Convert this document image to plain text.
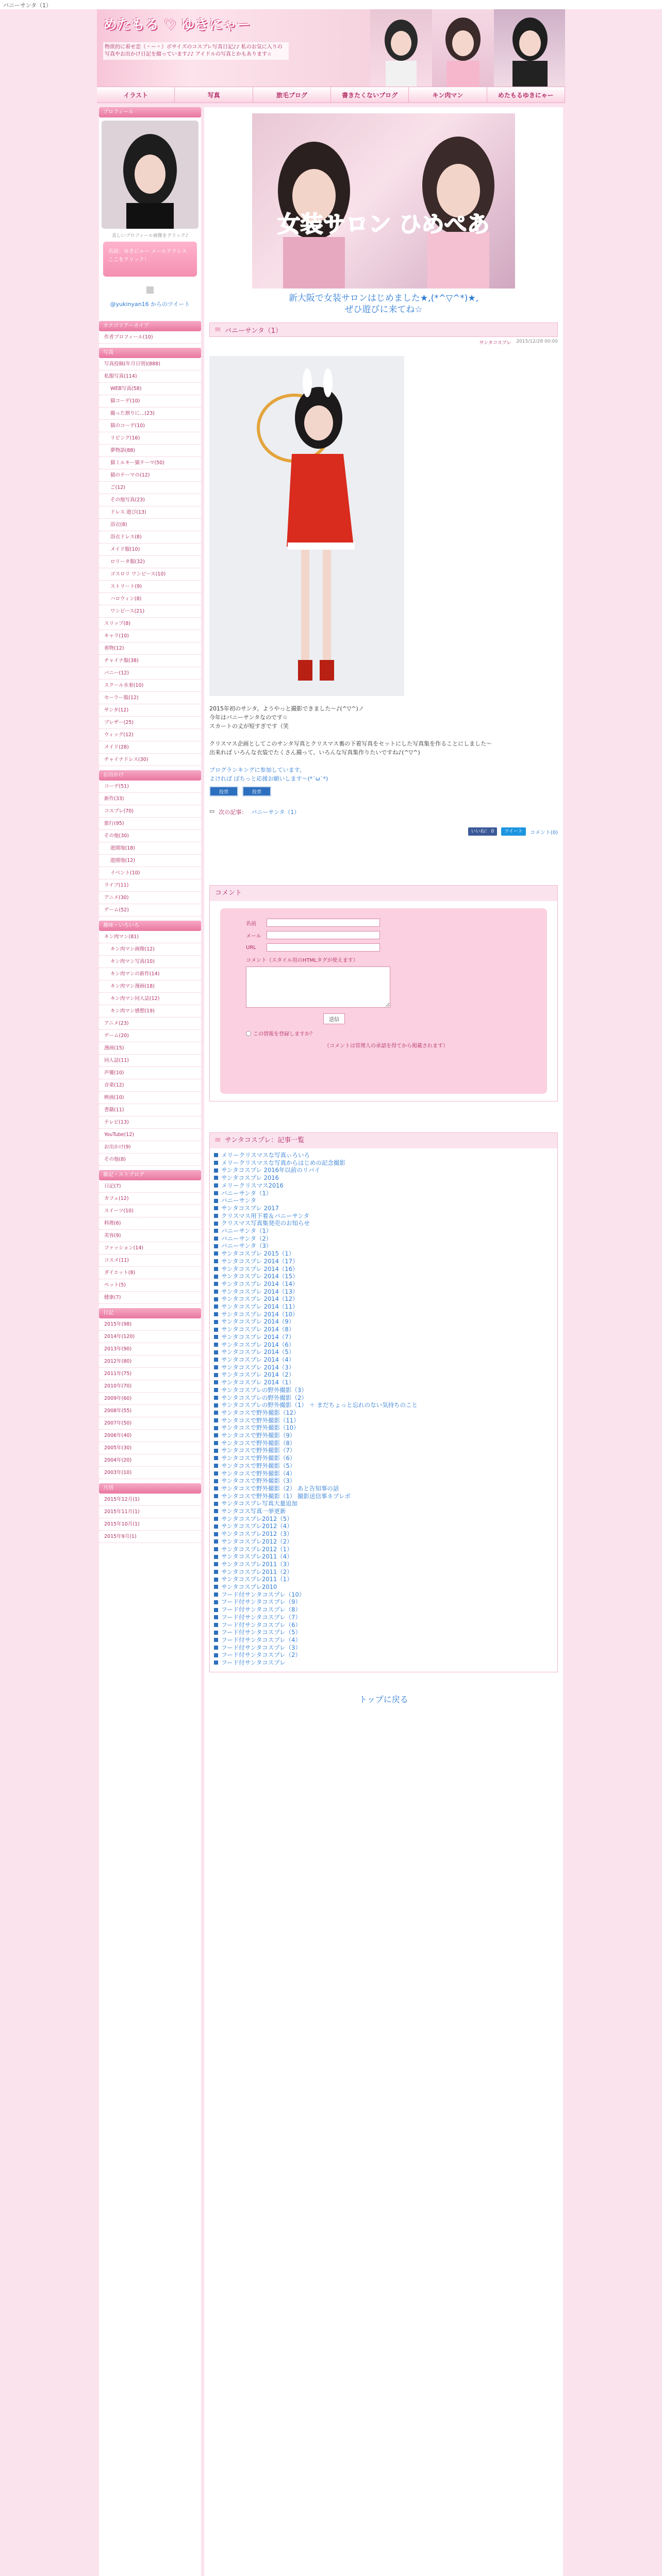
バニーサンタ（1）
めたもる ♡ ゆきにゃー
物欲的に着せ恋（＾ー＾）ボサイズのコスプレ写真日記♪♪ 私のお気に入りの写真やお出かけ日記を綴っています♪♪ アイドルの写真とかもあります☆
イラスト	写真	旅毛ブログ	書きたくないブログ	キン肉マン	めたもるゆきにゃー
プロフィール
美しいプロフィール画像をクリック♪
名前：ゆきにゃー メールアドレス ここをクリック！
@yukinyan16 からのツイート
カテゴリアーカイブ
作者プロフィール(10)
写真
写真投稿(年月日別)(888)
私服写真(114)
WEB写真(58)
猫コーデ(10)
撮った割りに…(23)
猫のコーデ(10)
リビング(16)
夢物語(88)
猫ミルキー猫テーマ(50)
猫のテーマの(12)
ご(12)
その他写真(23)
ドレス 遊び(13)
浴衣(8)
浴衣ドレス(8)
メイド服(10)
ロリータ服(32)
ゴスロリ ワンピース(10)
ストリート(9)
ハロウィン(8)
ワンピース(21)
スリップ(8)
キャラ(10)
着物(12)
チャイナ服(38)
バニー(12)
スクール水着(10)
セーラー服(12)
サンタ(12)
ブレザー(25)
ウィッグ(12)
メイド(28)
チャイナドレス(30)
お出かけ
コーデ(51)
新作(33)
コスプレ(70)
旅行(95)
その他(30)
遊園地(18)
遊園地(12)
イベント(10)
ライブ(11)
アニメ(30)
ゲーム(52)
趣味・いろいろ
キン肉マン(81)
キン肉マン画像(12)
キン肉マン写真(10)
キン肉マンの新作(14)
キン肉マン漫画(18)
キン肉マン同人誌(12)
キン肉マン感想(19)
アニメ(23)
ゲーム(20)
漫画(15)
同人誌(11)
声優(10)
音楽(12)
映画(10)
書籍(11)
テレビ(13)
YouTube(12)
お出かけ(9)
その他(8)
雑記・ストブログ
日記(7)
カフェ(12)
スイーツ(10)
料理(6)
美容(9)
ファッション(14)
コスメ(11)
ダイエット(8)
ペット(5)
健康(7)
日記
2015年(98)
2014年(120)
2013年(90)
2012年(80)
2011年(75)
2010年(70)
2009年(60)
2008年(55)
2007年(50)
2006年(40)
2005年(30)
2004年(20)
2003年(10)
月別
2015年12月(1)
2015年11月(1)
2015年10月(1)
2015年9月(1)
女装サロン ひめぺあ
新大阪で女装サロンはじめました★,(*^▽^*)★,
ぜひ遊びに来てね☆
✉ バニーサンタ（1）
サンタコスプレ 2015/12/28 00:00
2015年初のサンタ。ようやっと撮影できました〜♪(^▽^)ノ
今年はバニーサンタなのです☆
スカートの丈が短すぎです（笑
クリスマス企画としてこのサンタ写真とクリスマス裏の下着写真をセットにした写真集を作ることにしました〜
出来れば いろんな衣装でたくさん撮って、いろんな写真集作りたいですね♪(^▽^)
ブログランキングに参加しています。
よければ ぽちっと応援お願いします〜(*´ω`*)
投票	投票
▭ 次の記事： バニーサンタ（1）
いいね！ 0	ツイート	コメント(0)
コメント
名前
メール
URL
コメント（スタイル用のHTMLタグが使えます）
送信
この情報を登録しますか？
（コメントは管理人の承認を得てから掲載されます）
✉ サンタコスプレ：記事一覧
メリークリスマスな写真ぃろいろ
メリークリスマスな写真からはじめの記念撮影
サンタコスプレ 2016年以前のリバイ
サンタコスプレ 2016
メリークリスマス2016
バニーサンタ（1）
バニーサンタ
サンタコスプレ 2017
クリスマス用下着＆バニーサンタ
クリスマス写真集発売のお知らせ
バニーサンタ（1）
バニーサンタ（2）
バニーサンタ（3）
サンタコスプレ 2015（1）
サンタコスプレ 2014（17）
サンタコスプレ 2014（16）
サンタコスプレ 2014（15）
サンタコスプレ 2014（14）
サンタコスプレ 2014（13）
サンタコスプレ 2014（12）
サンタコスプレ 2014（11）
サンタコスプレ 2014（10）
サンタコスプレ 2014（9）
サンタコスプレ 2014（8）
サンタコスプレ 2014（7）
サンタコスプレ 2014（6）
サンタコスプレ 2014（5）
サンタコスプレ 2014（4）
サンタコスプレ 2014（3）
サンタコスプレ 2014（2）
サンタコスプレ 2014（1）
サンタコスプレの野外撮影（3）
サンタコスプレの野外撮影（2）
サンタコスプレの野外撮影（1） ＋ まだちょっと忘れのない気持ちのこと
サンタコスで野外撮影（12）
サンタコスで野外撮影（11）
サンタコスで野外撮影（10）
サンタコスで野外撮影（9）
サンタコスで野外撮影（8）
サンタコスで野外撮影（7）
サンタコスで野外撮影（6）
サンタコスで野外撮影（5）
サンタコスで野外撮影（4）
サンタコスで野外撮影（3）
サンタコスで野外撮影（2） あと告知事の話
サンタコスで野外撮影（1） 撮影送信事ネプレボ
サンタコスプレ写真大量追加
サンタコス写真一挙更新
サンタコスプレ2012（5）
サンタコスプレ2012（4）
サンタコスプレ2012（3）
サンタコスプレ2012（2）
サンタコスプレ2012（1）
サンタコスプレ2011（4）
サンタコスプレ2011（3）
サンタコスプレ2011（2）
サンタコスプレ2011（1）
サンタコスプレ2010
フード付サンタコスプレ（10）
フード付サンタコスプレ（9）
フード付サンタコスプレ（8）
フード付サンタコスプレ（7）
フード付サンタコスプレ（6）
フード付サンタコスプレ（5）
フード付サンタコスプレ（4）
フード付サンタコスプレ（3）
フード付サンタコスプレ（2）
フード付サンタコスプレ
トップに戻る
